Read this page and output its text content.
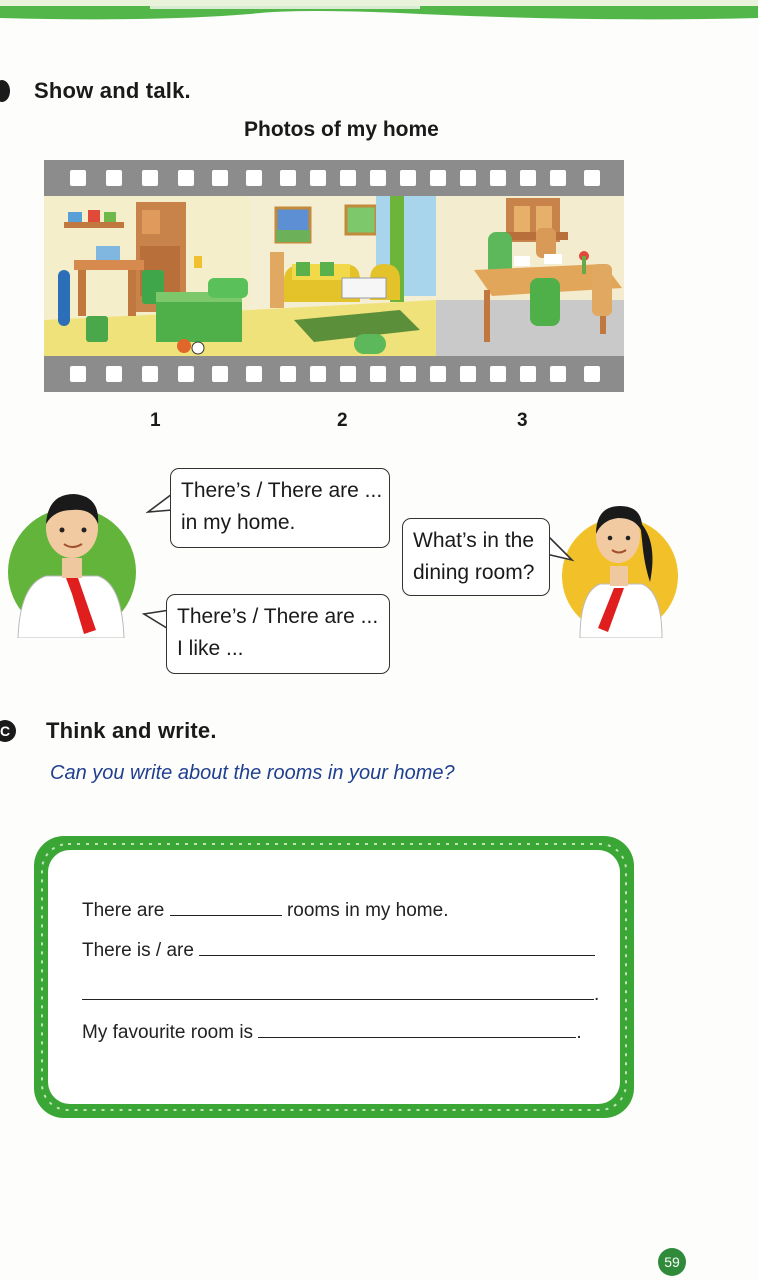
Show and talk.
Photos of my home
1	2	3
There’s / There are ...
in my home.
There’s / There are ...
I like ...
What’s in the
dining room?
C Think and write.
Can you write about the rooms in your home?
There are	rooms in my home.
There is / are
.
My favourite room is	.
59
